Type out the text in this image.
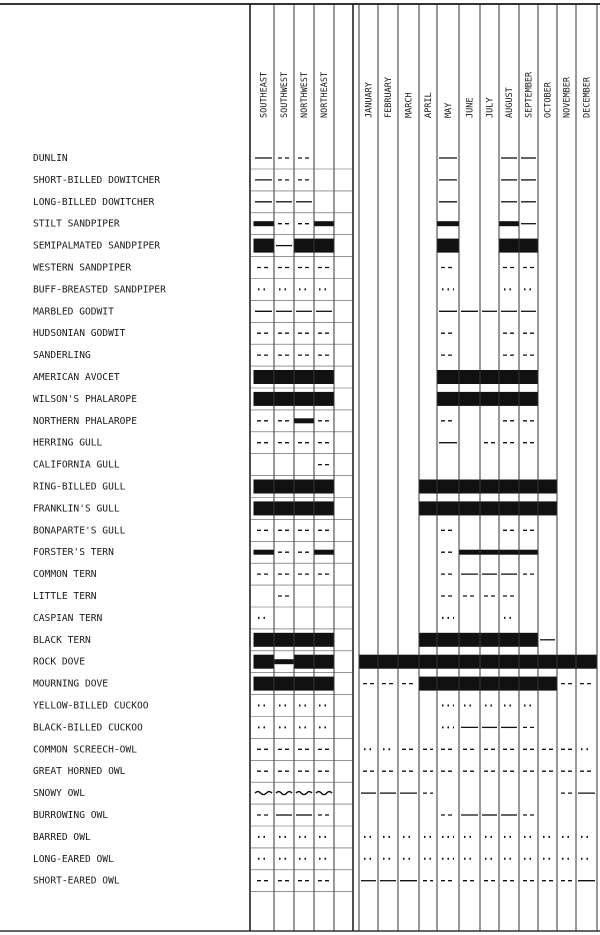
SOUTHEAST SOUTHWEST NORTHWEST NORTHEAST	JANUARY FEBRUARY MARCH APRIL MAY JUNE JULY AUGUST SEPTEMBER OCTOBER NOVEMBER DECEMBER
DUNLIN
SHORT-BILLED DOWITCHER
LONG-BILLED DOWITCHER
STILT SANDPIPER
SEMIPALMATED SANDPIPER
WESTERN SANDPIPER
BUFF-BREASTED SANDPIPER
MARBLED GODWIT
HUDSONIAN GODWIT
SANDERLING
AMERICAN AVOCET
WILSON'S PHALAROPE
NORTHERN PHALAROPE
HERRING GULL
CALIFORNIA GULL
RING-BILLED GULL
FRANKLIN'S GULL
BONAPARTE'S GULL
FORSTER'S TERN
COMMON TERN
LITTLE TERN
CASPIAN TERN
BLACK TERN
ROCK DOVE
MOURNING DOVE
YELLOW-BILLED CUCKOO
BLACK-BILLED CUCKOO
COMMON SCREECH-OWL
GREAT HORNED OWL
SNOWY OWL
BURROWING OWL
BARRED OWL
LONG-EARED OWL
SHORT-EARED OWL
